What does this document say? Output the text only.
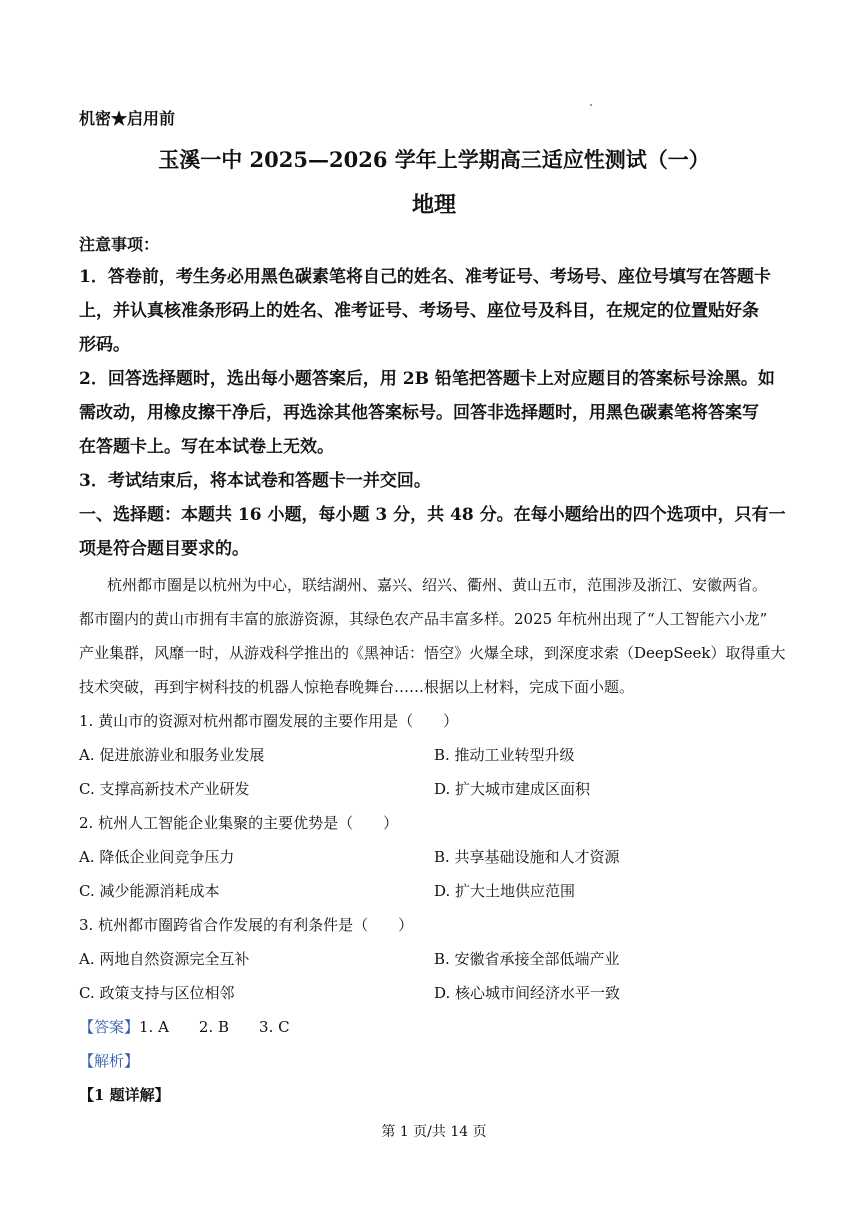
机密★启用前
玉溪一中 2025—2026 学年上学期高三适应性测试（一）
地理
注意事项：
1．答卷前，考生务必用黑色碳素笔将自己的姓名、准考证号、考场号、座位号填写在答题卡
上，并认真核准条形码上的姓名、准考证号、考场号、座位号及科目，在规定的位置贴好条
形码。
2．回答选择题时，选出每小题答案后，用 2B 铅笔把答题卡上对应题目的答案标号涂黑。如
需改动，用橡皮擦干净后，再选涂其他答案标号。回答非选择题时，用黑色碳素笔将答案写
在答题卡上。写在本试卷上无效。
3．考试结束后，将本试卷和答题卡一并交回。
一、选择题：本题共 16 小题，每小题 3 分，共 48 分。在每小题给出的四个选项中，只有一
项是符合题目要求的。
杭州都市圈是以杭州为中心，联结湖州、嘉兴、绍兴、衢州、黄山五市，范围涉及浙江、安徽两省。
都市圈内的黄山市拥有丰富的旅游资源，其绿色农产品丰富多样。2025 年杭州出现了“人工智能六小龙”
产业集群，风靡一时，从游戏科学推出的《黑神话：悟空》火爆全球，到深度求索（DeepSeek）取得重大
技术突破，再到宇树科技的机器人惊艳春晚舞台……根据以上材料，完成下面小题。
1. 黄山市的资源对杭州都市圈发展的主要作用是（　　）
A. 促进旅游业和服务业发展	B. 推动工业转型升级
C. 支撑高新技术产业研发	D. 扩大城市建成区面积
2. 杭州人工智能企业集聚的主要优势是（　　）
A. 降低企业间竞争压力	B. 共享基础设施和人才资源
C. 减少能源消耗成本	D. 扩大土地供应范围
3. 杭州都市圈跨省合作发展的有利条件是（　　）
A. 两地自然资源完全互补	B. 安徽省承接全部低端产业
C. 政策支持与区位相邻	D. 核心城市间经济水平一致
【答案】1. A　　2. B　　3. C
【解析】
【1 题详解】
第 1 页/共 14 页
